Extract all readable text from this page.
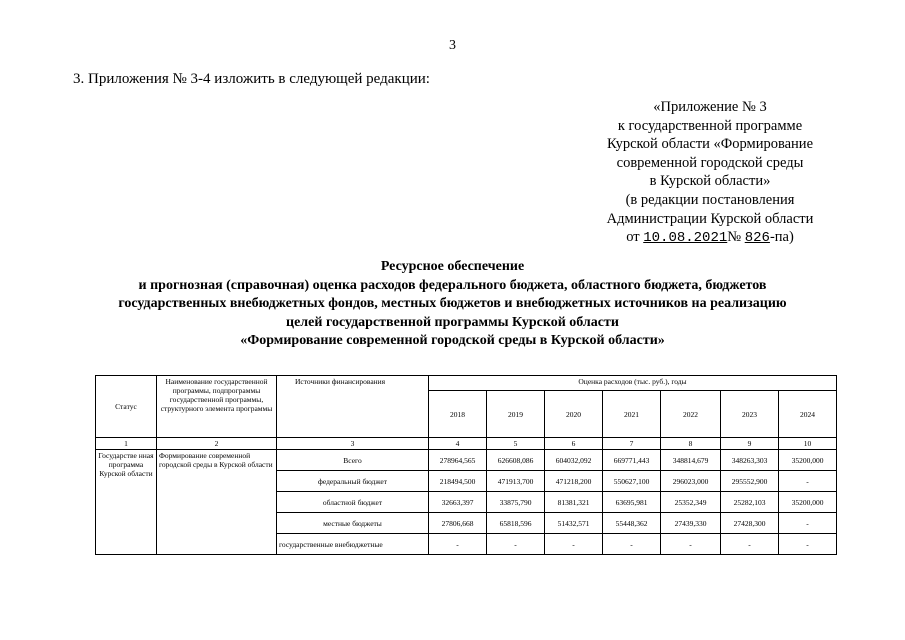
3
3. Приложения № 3-4 изложить в следующей редакции:
«Приложение № 3
к государственной программе
Курской области «Формирование
современной городской среды
в Курской области»
(в редакции постановления
Администрации Курской области
от 10.08.2021№ 826-па)
Ресурсное обеспечение
и прогнозная (справочная) оценка расходов федерального бюджета, областного бюджета, бюджетов
государственных внебюджетных фондов, местных бюджетов и внебюджетных источников на реализацию
целей государственной программы Курской области
«Формирование современной городской среды в Курской области»
Статус	Наименование государственной программы, подпрограммы государственной программы, структурного элемента программы	Источники финансирования	Оценка расходов (тыс. руб.), годы						
			2018	2019	2020	2021	2022	2023	2024
1	2	3	4	5	6	7	8	9	10
Государстве нная программа Курской области	Формирование современной городской среды в Курской области	Всего	278964,565	626608,086	604032,092	669771,443	348814,679	348263,303	35200,000
		федеральный бюджет	218494,500	471913,700	471218,200	550627,100	296023,000	295552,900	-
		областной бюджет	32663,397	33875,790	81381,321	63695,981	25352,349	25282,103	35200,000
		местные бюджеты	27806,668	65818,596	51432,571	55448,362	27439,330	27428,300	-
		государственные внебюджетные	-	-	-	-	-	-	-
